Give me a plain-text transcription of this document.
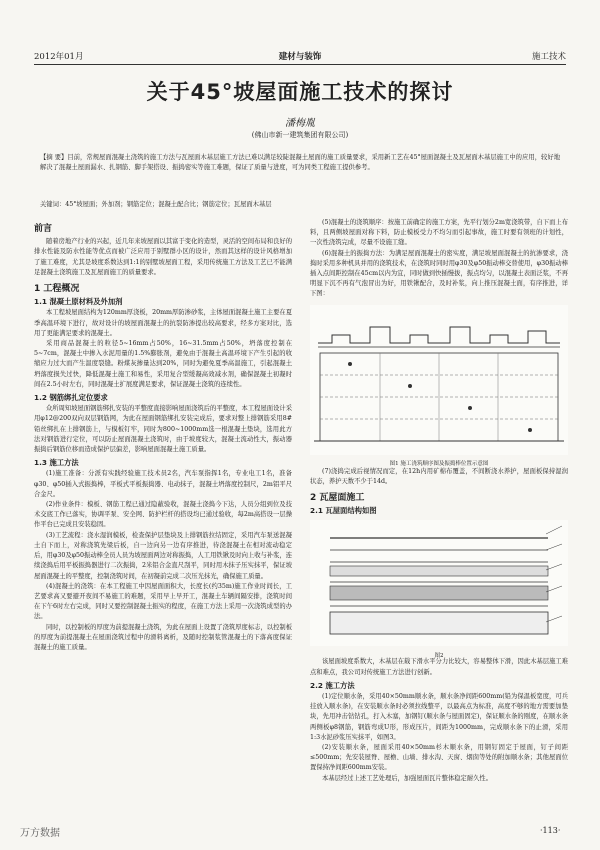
2012年01月	建材与装饰	施工技术
关于45°坡屋面施工技术的探讨
潘梅胤
(佛山市新一建筑集团有限公司)
【摘 要】目前，常规屋面混凝土浇筑的施工方法与瓦屋面木基层施工方法已难以满足较陡混凝土屋面的施工质量要求，采用新工艺在45°屋面混凝土及瓦屋面木基层施工中的应用，较好地解决了混凝土屋面漏水、扎钢筋、脚手架搭设、振捣密实等施工难题，保证了质量与进度，可为同类工程施工提供参考。
关键词：45°坡屋面；外加剂；钢筋定位；混凝土配合比；钢筋定位；瓦屋面木基层
前言

随着房地产行业的兴起，近几年来坡屋面以其富于变化的造型，灵活的空间布局和良好的排水性能及防水性能等优点而被广泛应用于别墅群小区的设计，然而其这样的设计风格增加了施工难度，尤其是坡度系数达到1:1的别墅坡屋面工程，采用传统施工方法及工艺已不能满足混凝土浇筑施工及瓦屋面施工的质量要求。

1 工程概况
1.1 混凝土原材料及外加剂

本工程坡屋面结构为120mm厚浇板，20mm厚防渗砂浆，主体屋面混凝土施工主要在夏季高温环境下进行，故对设计的坡屋面混凝土的抗裂防渗提出较高要求，经多方案对比，选用了更能满足要求的混凝土。

采用商品混凝土的粒径5~16mm占50%，16~31.5mm占50%，坍落度控制在5~7cm，混凝土中掺入水泥用量的1.5%膨胀剂，避免由于混凝土高温环境下产生引起的收缩应力过大而产生温度裂缝。粉煤灰掺量达到20%，同时为避免夏季高温施工，引起混凝土坍落度损失过快，降低混凝土施工和易性，采用复合型缓凝高效减水剂，确保混凝土初凝时间在2.5小时左右，同时混凝土扩展度满足要求，保证混凝土浇筑的连续性。

1.2 钢筋绑扎定位要求

众所周知坡屋面钢筋绑扎安装的平整度直接影响屋面浇筑后的平整度，本工程屋面设计采用φ12@200双向双层钢筋网，为此在屋面钢筋绑扎安装完成后，要求对整上排钢筋采用8#铅丝绑扎在上排钢筋上，与模板钉牢，同时为800~1000mm选一根混凝土垫块，选用此方法对钢筋进行定位，可以防止屋面混凝土浇筑时，由于坡度较大，混凝土流动性大，振动器振捣后钢筋位移而造成保护层偏差，影响屋面混凝土施工质量。

1.3 施工方法

(1)施工准备：分派有实践经验施工技术员2名，汽车泵指挥1名，专业电工1名，准备φ30、φ50插入式振捣棒，平板式平板振捣器、电动抹子，混凝土坍落度控制尺，2m铝平尺合金尺。

(2)作业条件：模板、钢筋工程已通过隐蔽验收，混凝土浇捣今下达，人员分组到位及技术交底工作已落实，协调平泵、安全网、防护栏杆的搭设均已通过验收，每2m高搭设一层操作平台已完成且安装稳固。

(3)工艺流程：浇水湿润模板，检查保护层垫块及上排钢筋拉结固定，采用汽车泵送混凝土自下而上，对称浇筑先梁后板，自一边向另一边有序推进，待浇混凝土在相对流动稳定后，用φ30及φ50振动棒全员人员为坡屋面两边对称振捣，人工用铁锹及时向上收与补浆，连续浇捣后用平板振捣器进行二次振捣，2米铝合金直尺刮平，同时用木抹子压实抹平，保证坡屋面混凝土的平整度，控制浇筑时间，在初凝前完成二次压光抹光，确保施工质量。

(4)混凝土的浇筑：在本工程施工中因屋面面积大，长度长(约35m)施工作业时间长，工艺要求高又要避开夜间不易施工的难题，采用早上早开工，混凝土车辆间隔安排，浇筑时间在下午6时左右完成，同时又要控制混凝土振实的程度，在施工方法上采用一次浇筑成型的办法。

同时，以控制板的厚度为前提混凝土浇筑，为此在屋面上设置了浇筑厚度标志，以控制板的厚度为前提混凝土在屋面浇筑过程中的滑料离析，及随时控制浆管混凝土的下落高度保证混凝土的施工质量。

(5)混凝土的浇筑顺序：按施工前确定的施工方案，先平行划分2m宽浇筑带，自下而上布料，且两侧坡屋面对称下料，防止模板受力不均匀而引起事故，施工时要有领班的计划性，一次性浇筑完成，尽量不设施工缝。

(6)混凝土的振捣方法：为满足屋面混凝土的密实度，满足坡屋面混凝土的抗渗要求，浇捣时采用多种机具并用的浇筑技术，在浇筑时同时用φ30及φ50振动棒交替使用，φ30振动棒插入点间距控制在45cm以内为宜，同时做到快插慢拔，振点均匀，以混凝土表面泛浆，不再明显下沉不再有气泡冒出为好，用铁锹配合，及时补浆，向上推压混凝土面，有序推进，详下图：

图1 施工浇筑顺序图及振捣棒位置示意图

(7)浇捣完成后视情况而定，在12h内用矿棉布覆盖，不间断浇水养护，屋面板保持湿润状态，养护天数不少于14d。

2 瓦屋面施工
2.1 瓦屋面结构如图
图2

该屋面坡度系数大，木基层在载下滑水平分力比较大，容易整体下滑，因此木基层施工难点和难点，我公司对传统施工方法进行创新。

2.2 施工方法

(1)定位顺水条，采用40×50mm顺水条，顺水条净间距600mm(铅为保温板宽度，可兵挂放入顺水条)，在安装顺水条时必须拉线整平，以最高点为标准，高度不够的地方需要加垫块，先用冲击钻钻孔，打入木塞，加钢钉(顺水条与屋面固定)，保证顺水条的刚度，在顺水条两侧板φ8钢筋，钢筋弯成U形，形成压片，间距为1000mm，完成顺水条下的止滑，采用1:3水泥砂浆压实抹平，如图3。

(2)安装顺水条，屋面采用40×50mm杉木顺水条，用钢钉固定于屋面，钉子间距≤500mm；先安装屋脊、屋檐、山墙、排水沟、天窗、烟囱等处的附加顺水条；其他屋面位置保持净间距600mm安装。

本基层经过上述工艺处理后，加强屋面瓦片整体稳定耐久性。

·113·
万方数据
